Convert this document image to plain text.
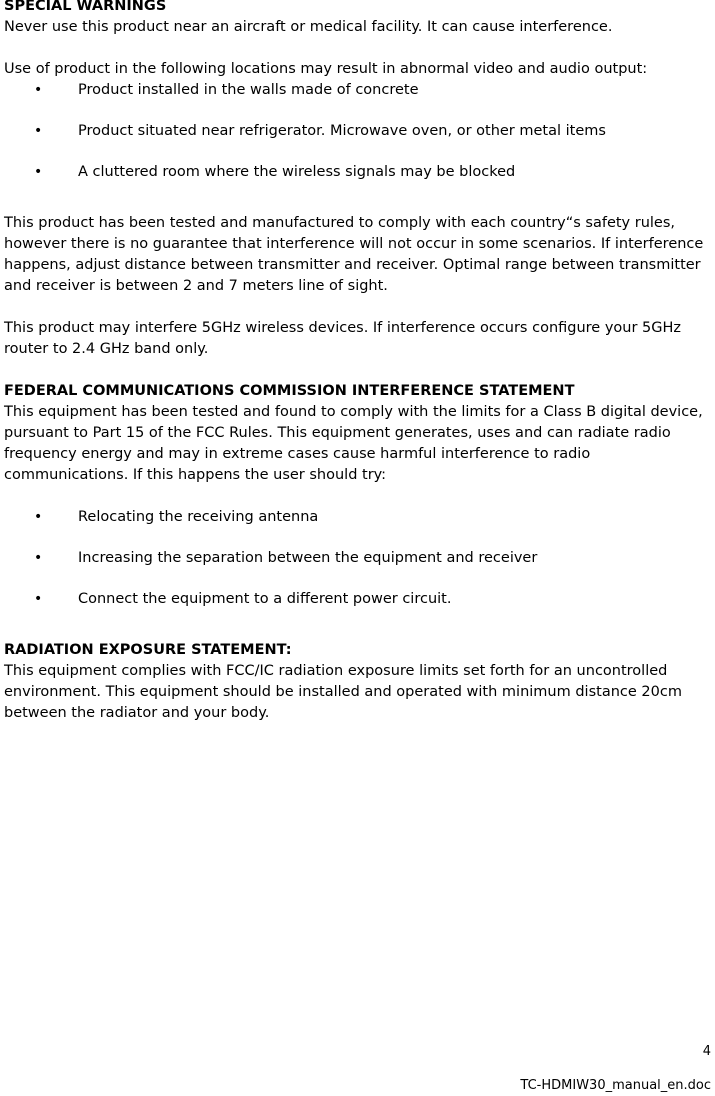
SPECIAL WARNINGS

Never use this product near an aircraft or medical facility. It can cause interference.

Use of product in the following locations may result in abnormal video and audio output:

• Product installed in the walls made of concrete
• Product situated near refrigerator. Microwave oven, or other metal items
• A cluttered room where the wireless signals may be blocked

This product has been tested and manufactured to comply with each country“s safety rules, however there is no guarantee that interference will not occur in some scenarios. If interference happens, adjust distance between transmitter and receiver. Optimal range between transmitter and receiver is between 2 and 7 meters line of sight.

This product may interfere 5GHz wireless devices. If interference occurs configure your 5GHz router to 2.4 GHz band only.

FEDERAL COMMUNICATIONS COMMISSION INTERFERENCE STATEMENT

This equipment has been tested and found to comply with the limits for a Class B digital device, pursuant to Part 15 of the FCC Rules. This equipment generates, uses and can radiate radio frequency energy and may in extreme cases cause harmful interference to radio communications. If this happens the user should try:

• Relocating the receiving antenna
• Increasing the separation between the equipment and receiver
• Connect the equipment to a different power circuit.

RADIATION EXPOSURE STATEMENT:

This equipment complies with FCC/IC radiation exposure limits set forth for an uncontrolled environment. This equipment should be installed and operated with minimum distance 20cm between the radiator and your body.

4
TC-HDMIW30_manual_en.doc
